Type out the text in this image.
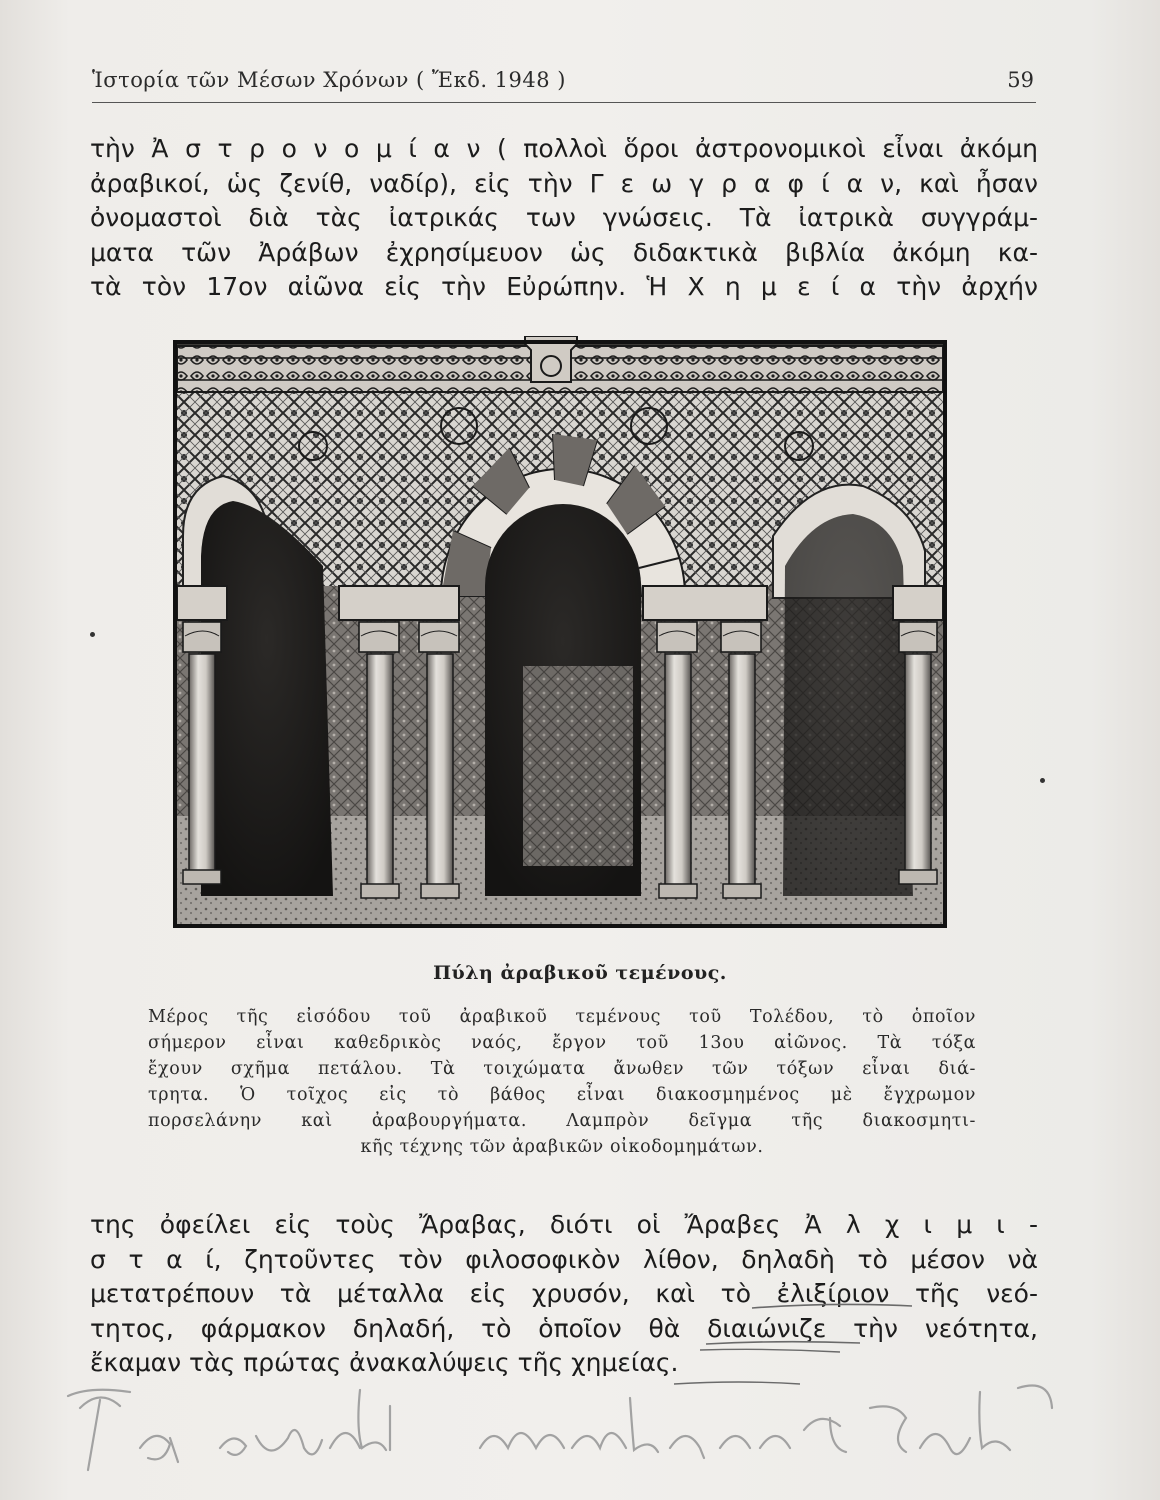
Ἱστορία τῶν Μέσων Χρόνων ( Ἔκδ. 1948 )	59
τὴν Ἀ σ τ ρ ο ν ο μ ί α ν ( πολλοὶ ὅροι ἀστρονομικοὶ εἶναι ἀκόμη
ἀραβικοί, ὡς ζενίθ, ναδίρ), εἰς τὴν Γ ε ω γ ρ α φ ί α ν, καὶ ἦσαν
ὀνομαστοὶ διὰ τὰς ἰατρικάς των γνώσεις. Τὰ ἰατρικὰ συγγράμ-
ματα τῶν Ἀράβων ἐχρησίμευον ὡς διδακτικὰ βιβλία ἀκόμη κα-
τὰ τὸν 17ον αἰῶνα εἰς τὴν Εὐρώπην. Ἡ Χ η μ ε ί α τὴν ἀρχήν
Πύλη ἀραβικοῦ τεμένους.
Μέρος τῆς εἰσόδου τοῦ ἀραβικοῦ τεμένους τοῦ Τολέδου, τὸ ὁποῖον
σήμερον εἶναι καθεδρικὸς ναός, ἔργον τοῦ 13ου αἰῶνος. Τὰ τόξα
ἔχουν σχῆμα πετάλου. Τὰ τοιχώματα ἄνωθεν τῶν τόξων εἶναι διά-
τρητα. Ὁ τοῖχος εἰς τὸ βάθος εἶναι διακοσμημένος μὲ ἔγχρωμον
πορσελάνην καὶ ἀραβουργήματα. Λαμπρὸν δεῖγμα τῆς διακοσμητι-
κῆς τέχνης τῶν ἀραβικῶν οἰκοδομημάτων.
της ὀφείλει εἰς τοὺς Ἄραβας, διότι οἱ Ἄραβες Ἀ λ χ ι μ ι -
σ τ α ί, ζητοῦντες τὸν φιλοσοφικὸν λίθον, δηλαδὴ τὸ μέσον νὰ
μετατρέπουν τὰ μέταλλα εἰς χρυσόν, καὶ τὸ ἐλιξίριον τῆς νεό-
τητος, φάρμακον δηλαδή, τὸ ὁποῖον θὰ διαιώνιζε τὴν νεότητα,
ἔκαμαν τὰς πρώτας ἀνακαλύψεις τῆς χημείας.
